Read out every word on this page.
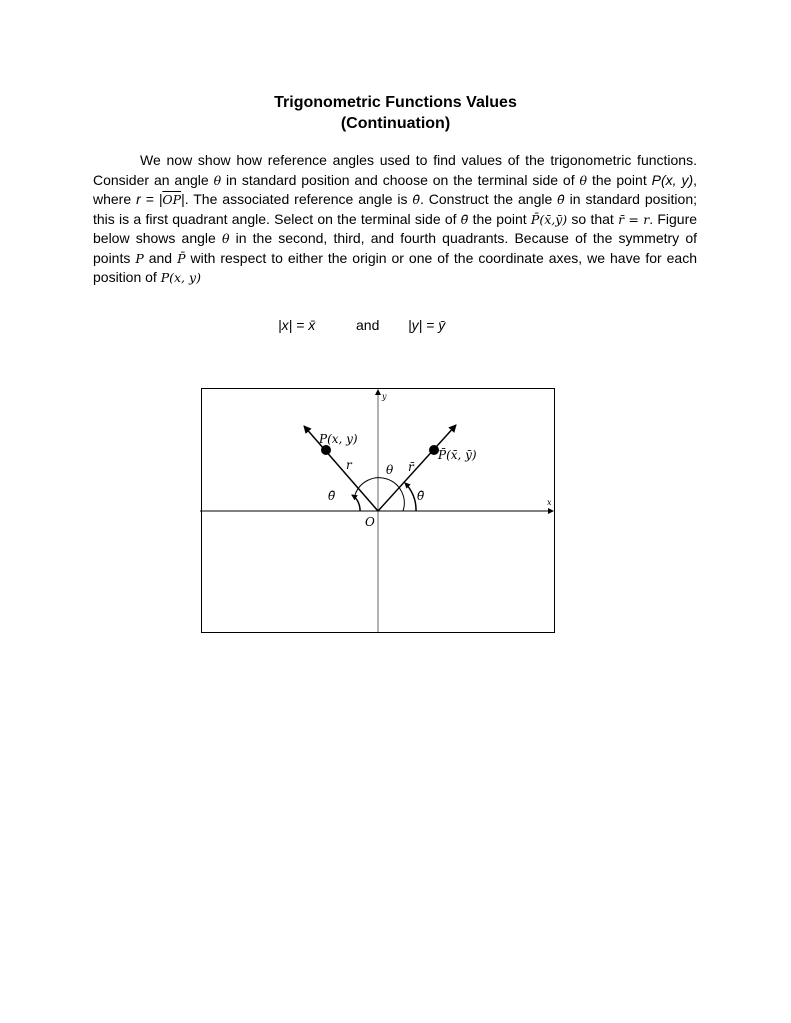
Trigonometric Functions Values
(Continuation)

We now show how reference angles used to find values of the trigonometric functions. Consider an angle θ in standard position and choose on the terminal side of θ the point P(x, y), where $r = |\overline{OP}|$. The associated reference angle is θ̄. Construct the angle θ̄ in standard position; this is a first quadrant angle. Select on the terminal side of θ̄ the point P̄(x̄,ȳ) so that r̄ = r. Figure below shows angle θ in the second, third, and fourth quadrants. Because of the symmetry of points P and P̄ with respect to either the origin or one of the coordinate axes, we have for each position of P(x, y)

|x| = x̄	and |y| = ȳ
y
x
O
P(x, y)
P̄(x̄, ȳ)
r	r̄
θ
θ̄	θ̄
